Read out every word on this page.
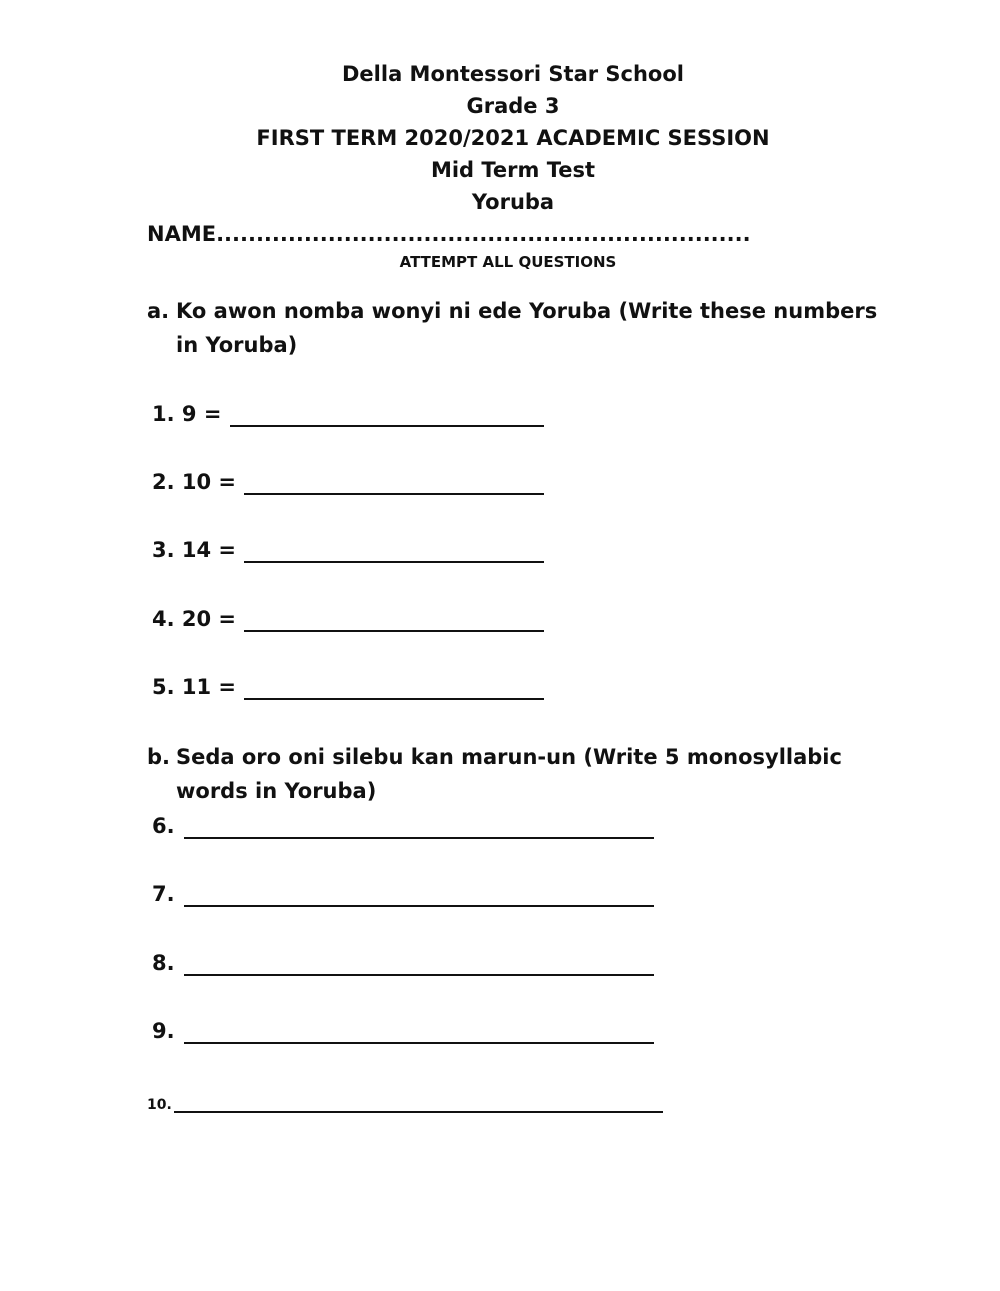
Della Montessori Star School
Grade 3
FIRST TERM 2020/2021 ACADEMIC SESSION
Mid Term Test
Yoruba
NAME...................................................................
ATTEMPT ALL QUESTIONS
a. Ko awon nomba wonyi ni ede Yoruba (Write these numbers in Yoruba)
1. 9 =
2. 10 =
3. 14 =
4. 20 =
5. 11 =
b. Seda oro oni silebu kan marun-un (Write 5 monosyllabic words in Yoruba)
6.
7.
8.
9.
10.
